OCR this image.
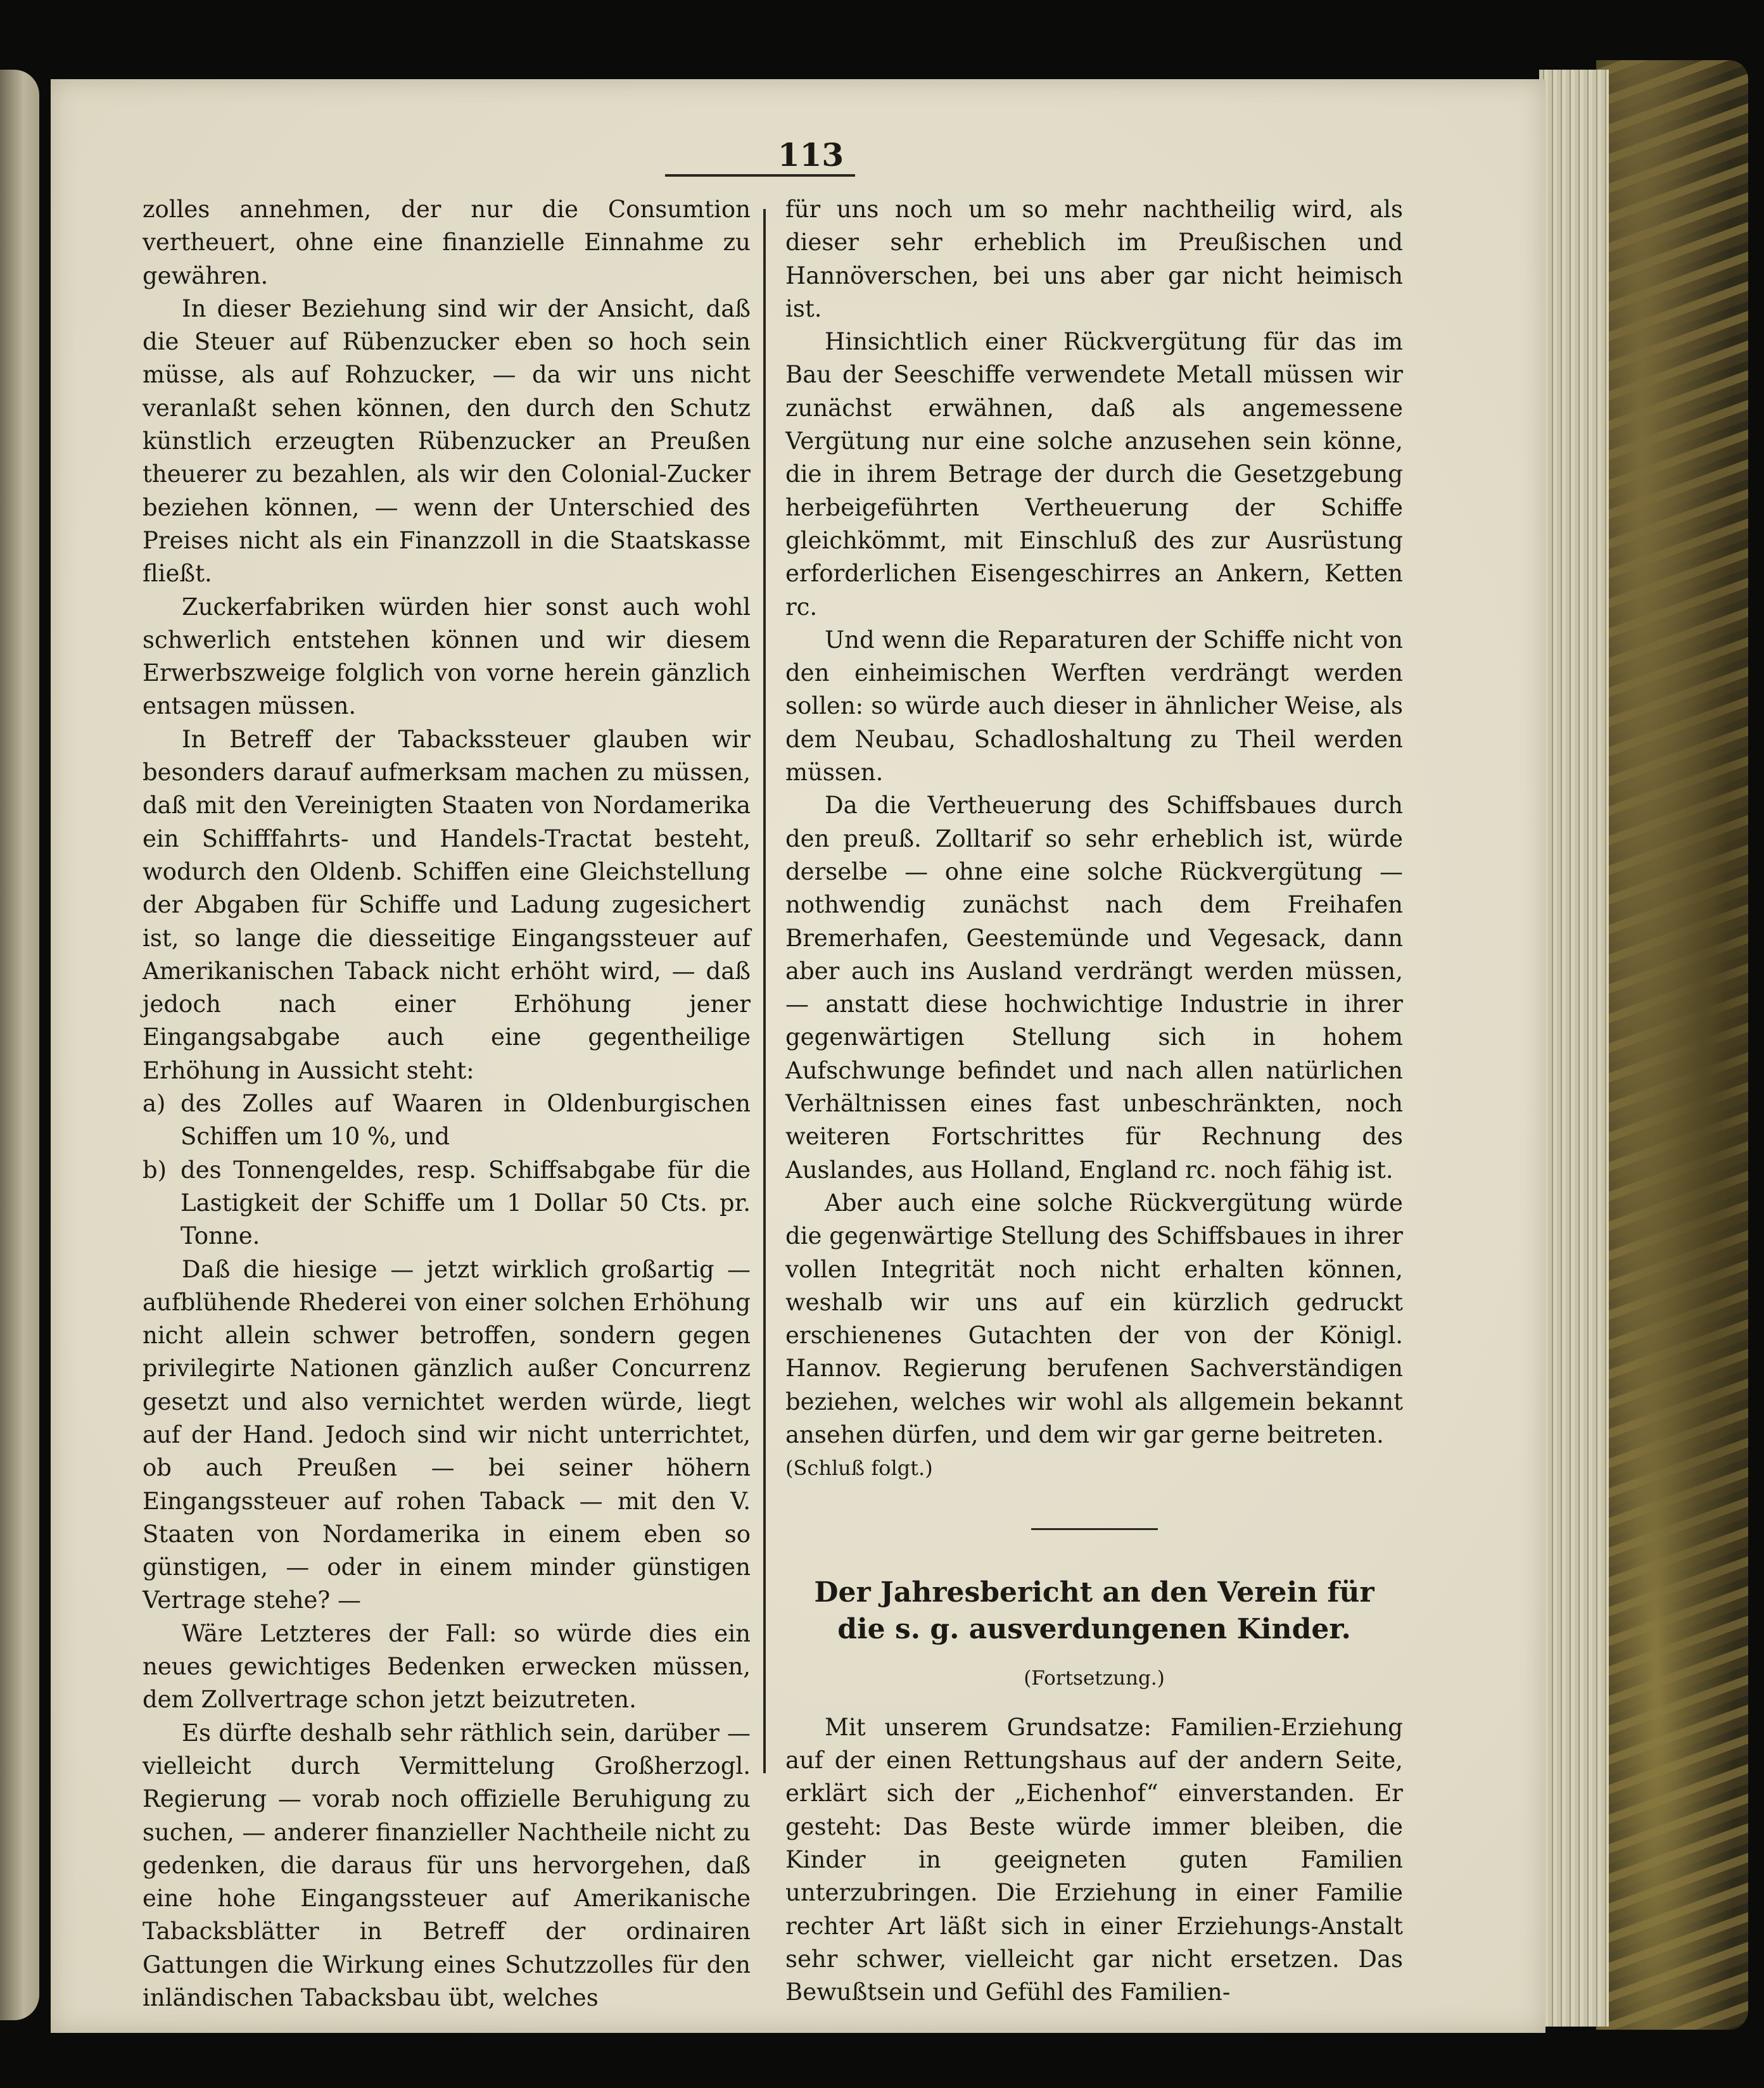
113

zolles annehmen, der nur die Consumtion vertheuert, ohne eine finanzielle Einnahme zu gewähren.

In dieser Beziehung sind wir der Ansicht, daß die Steuer auf Rübenzucker eben so hoch sein müsse, als auf Rohzucker, — da wir uns nicht veranlaßt sehen können, den durch den Schutz künstlich erzeugten Rübenzucker an Preußen theuerer zu bezahlen, als wir den Colonial-Zucker beziehen können, — wenn der Unterschied des Preises nicht als ein Finanzzoll in die Staatskasse fließt.

Zuckerfabriken würden hier sonst auch wohl schwerlich entstehen können und wir diesem Erwerbszweige folglich von vorne herein gänzlich entsagen müssen.

In Betreff der Tabackssteuer glauben wir besonders darauf aufmerksam machen zu müssen, daß mit den Vereinigten Staaten von Nordamerika ein Schifffahrts- und Handels-Tractat besteht, wodurch den Oldenb. Schiffen eine Gleichstellung der Abgaben für Schiffe und Ladung zugesichert ist, so lange die diesseitige Eingangssteuer auf Amerikanischen Taback nicht erhöht wird, — daß jedoch nach einer Erhöhung jener Eingangsabgabe auch eine gegentheilige Erhöhung in Aussicht steht:

a) des Zolles auf Waaren in Oldenburgischen Schiffen um 10 %, und
b) des Tonnengeldes, resp. Schiffsabgabe für die Lastigkeit der Schiffe um 1 Dollar 50 Cts. pr. Tonne.

Daß die hiesige — jetzt wirklich großartig — aufblühende Rhederei von einer solchen Erhöhung nicht allein schwer betroffen, sondern gegen privilegirte Nationen gänzlich außer Concurrenz gesetzt und also vernichtet werden würde, liegt auf der Hand. Jedoch sind wir nicht unterrichtet, ob auch Preußen — bei seiner höhern Eingangssteuer auf rohen Taback — mit den V. Staaten von Nordamerika in einem eben so günstigen, — oder in einem minder günstigen Vertrage stehe? —

Wäre Letzteres der Fall: so würde dies ein neues gewichtiges Bedenken erwecken müssen, dem Zollvertrage schon jetzt beizutreten.

Es dürfte deshalb sehr räthlich sein, darüber — vielleicht durch Vermittelung Großherzogl. Regierung — vorab noch offizielle Beruhigung zu suchen, — anderer finanzieller Nachtheile nicht zu gedenken, die daraus für uns hervorgehen, daß eine hohe Eingangssteuer auf Amerikanische Tabacksblätter in Betreff der ordinairen Gattungen die Wirkung eines Schutzzolles für den inländischen Tabacksbau übt, welches

für uns noch um so mehr nachtheilig wird, als dieser sehr erheblich im Preußischen und Hannöverschen, bei uns aber gar nicht heimisch ist.

Hinsichtlich einer Rückvergütung für das im Bau der Seeschiffe verwendete Metall müssen wir zunächst erwähnen, daß als angemessene Vergütung nur eine solche anzusehen sein könne, die in ihrem Betrage der durch die Gesetzgebung herbeigeführten Vertheuerung der Schiffe gleichkömmt, mit Einschluß des zur Ausrüstung erforderlichen Eisengeschirres an Ankern, Ketten rc.

Und wenn die Reparaturen der Schiffe nicht von den einheimischen Werften verdrängt werden sollen: so würde auch dieser in ähnlicher Weise, als dem Neubau, Schadloshaltung zu Theil werden müssen.

Da die Vertheuerung des Schiffsbaues durch den preuß. Zolltarif so sehr erheblich ist, würde derselbe — ohne eine solche Rückvergütung — nothwendig zunächst nach dem Freihafen Bremerhafen, Geestemünde und Vegesack, dann aber auch ins Ausland verdrängt werden müssen, — anstatt diese hochwichtige Industrie in ihrer gegenwärtigen Stellung sich in hohem Aufschwunge befindet und nach allen natürlichen Verhältnissen eines fast unbeschränkten, noch weiteren Fortschrittes für Rechnung des Auslandes, aus Holland, England rc. noch fähig ist.

Aber auch eine solche Rückvergütung würde die gegenwärtige Stellung des Schiffsbaues in ihrer vollen Integrität noch nicht erhalten können, weshalb wir uns auf ein kürzlich gedruckt erschienenes Gutachten der von der Königl. Hannov. Regierung berufenen Sachverständigen beziehen, welches wir wohl als allgemein bekannt ansehen dürfen, und dem wir gar gerne beitreten.

(Schluß folgt.)

Der Jahresbericht an den Verein für die s. g. ausverdungenen Kinder.
(Fortsetzung.)

Mit unserem Grundsatze: Familien-Erziehung auf der einen Rettungshaus auf der andern Seite, erklärt sich der „Eichenhof“ einverstanden. Er gesteht: Das Beste würde immer bleiben, die Kinder in geeigneten guten Familien unterzubringen. Die Erziehung in einer Familie rechter Art läßt sich in einer Erziehungs-Anstalt sehr schwer, vielleicht gar nicht ersetzen. Das Bewußtsein und Gefühl des Familien-
